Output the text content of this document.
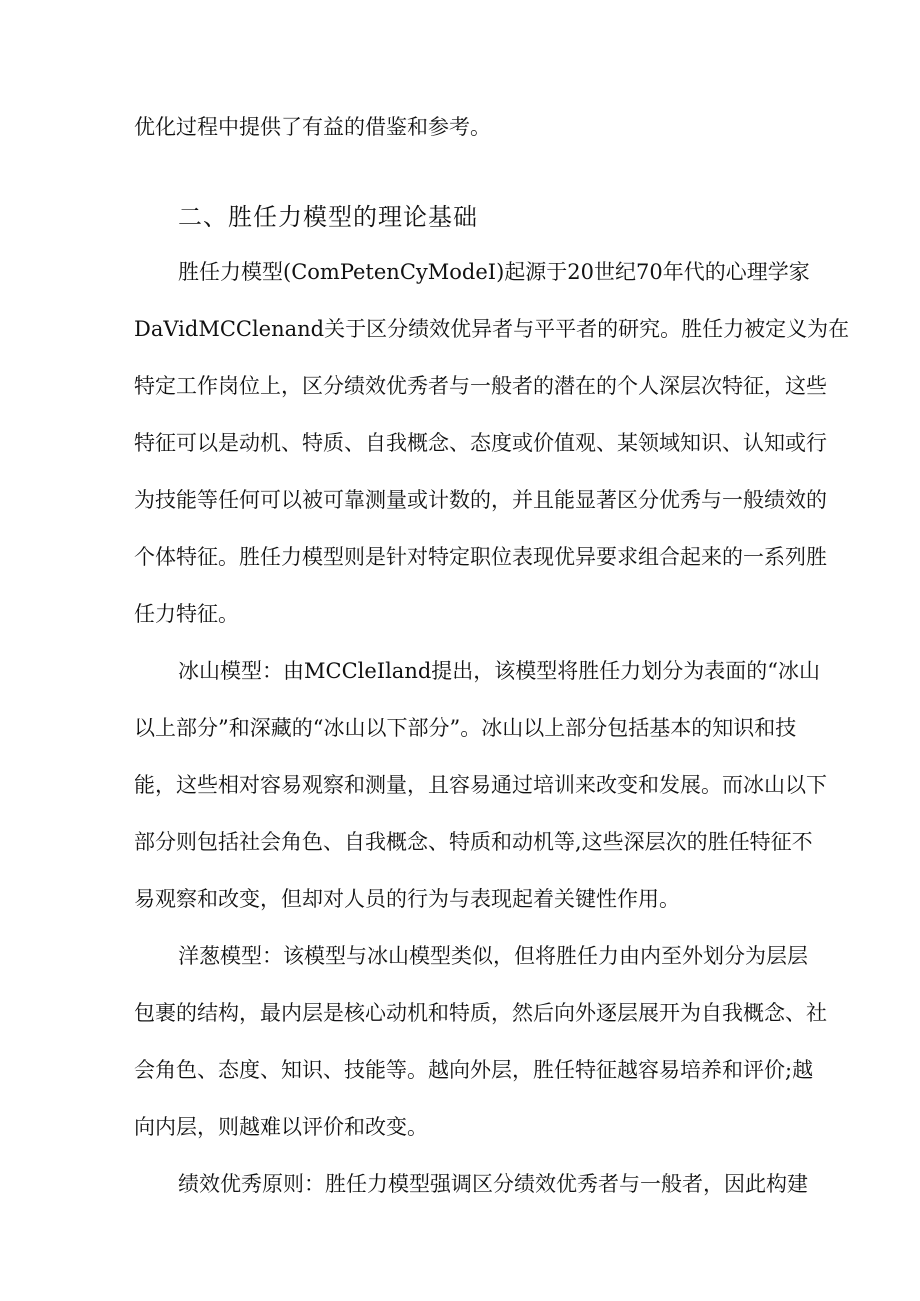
优化过程中提供了有益的借鉴和参考。
二、胜任力模型的理论基础
胜任力模型(ComPetenCyModeI)起源于20世纪70年代的心理学家
DaVidMCClenand关于区分绩效优异者与平平者的研究。胜任力被定义为在
特定工作岗位上，区分绩效优秀者与一般者的潜在的个人深层次特征，这些
特征可以是动机、特质、自我概念、态度或价值观、某领域知识、认知或行
为技能等任何可以被可靠测量或计数的，并且能显著区分优秀与一般绩效的
个体特征。胜任力模型则是针对特定职位表现优异要求组合起来的一系列胜
任力特征。
冰山模型：由MCCleIland提出，该模型将胜任力划分为表面的“冰山
以上部分”和深藏的“冰山以下部分”。冰山以上部分包括基本的知识和技
能，这些相对容易观察和测量，且容易通过培训来改变和发展。而冰山以下
部分则包括社会角色、自我概念、特质和动机等,这些深层次的胜任特征不
易观察和改变，但却对人员的行为与表现起着关键性作用。
洋葱模型：该模型与冰山模型类似，但将胜任力由内至外划分为层层
包裹的结构，最内层是核心动机和特质，然后向外逐层展开为自我概念、社
会角色、态度、知识、技能等。越向外层，胜任特征越容易培养和评价;越
向内层，则越难以评价和改变。
绩效优秀原则：胜任力模型强调区分绩效优秀者与一般者，因此构建
